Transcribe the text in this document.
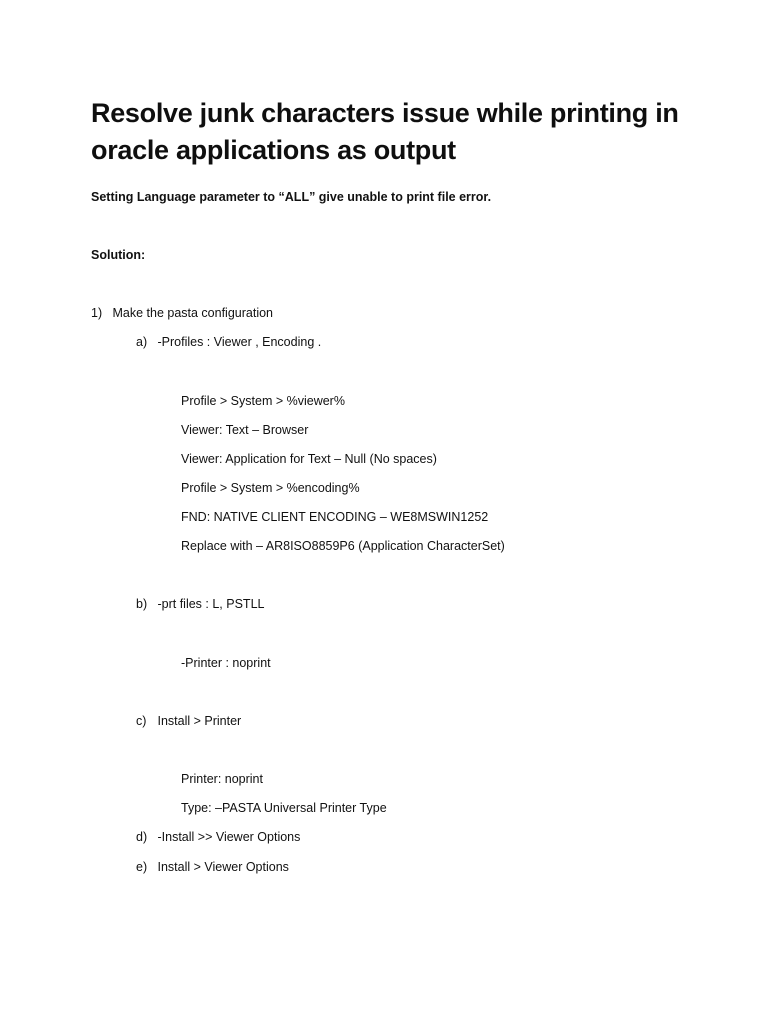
Resolve junk characters issue while printing in oracle applications as output

Setting Language parameter to “ALL” give unable to print file error.

Solution:

1) Make the pasta configuration

a) -Profiles : Viewer , Encoding .

Profile > System > %viewer%

Viewer: Text – Browser

Viewer: Application for Text – Null (No spaces)

Profile > System > %encoding%

FND: NATIVE CLIENT ENCODING – WE8MSWIN1252

Replace with – AR8ISO8859P6 (Application CharacterSet)

b) -prt files : L, PSTLL

-Printer : noprint

c) Install > Printer

Printer: noprint

Type: –PASTA Universal Printer Type

d) -Install >> Viewer Options

e) Install > Viewer Options
